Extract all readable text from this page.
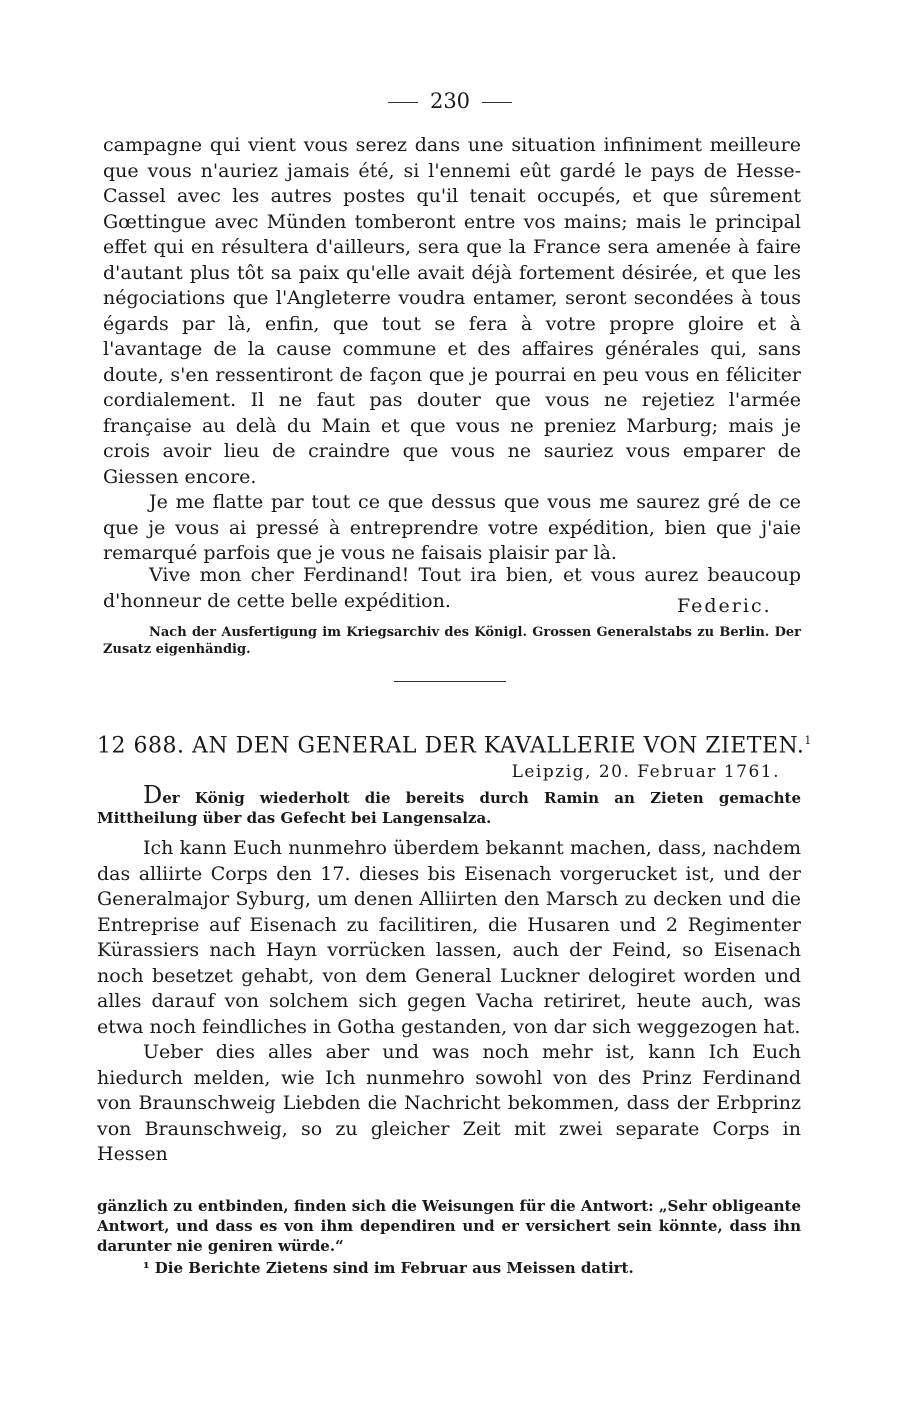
230

campagne qui vient vous serez dans une situation infiniment meilleure que vous n'auriez jamais été, si l'ennemi eût gardé le pays de Hesse-Cassel avec les autres postes qu'il tenait occupés, et que sûrement Gœttingue avec Münden tomberont entre vos mains; mais le principal effet qui en résultera d'ailleurs, sera que la France sera amenée à faire d'autant plus tôt sa paix qu'elle avait déjà fortement désirée, et que les négociations que l'Angleterre voudra entamer, seront secondées à tous égards par là, enfin, que tout se fera à votre propre gloire et à l'avantage de la cause commune et des affaires générales qui, sans doute, s'en ressentiront de façon que je pourrai en peu vous en féliciter cordialement. Il ne faut pas douter que vous ne rejetiez l'armée française au delà du Main et que vous ne preniez Marburg; mais je crois avoir lieu de craindre que vous ne sauriez vous emparer de Giessen encore.

Je me flatte par tout ce que dessus que vous me saurez gré de ce que je vous ai pressé à entreprendre votre expédition, bien que j'aie remarqué parfois que je vous ne faisais plaisir par là.

Vive mon cher Ferdinand! Tout ira bien, et vous aurez beaucoup d'honneur de cette belle expédition.	Federic.
Nach der Ausfertigung im Kriegsarchiv des Königl. Grossen Generalstabs zu Berlin. Der Zusatz eigenhändig.
12 688. AN DEN GENERAL DER KAVALLERIE VON ZIETEN.$^1$
Leipzig, 20. Februar 1761.
Der König wiederholt die bereits durch Ramin an Zieten gemachte Mittheilung über das Gefecht bei Langensalza.

Ich kann Euch nunmehro überdem bekannt machen, dass, nachdem das alliirte Corps den 17. dieses bis Eisenach vorgerucket ist, und der Generalmajor Syburg, um denen Alliirten den Marsch zu decken und die Entreprise auf Eisenach zu facilitiren, die Husaren und 2 Regimenter Kürassiers nach Hayn vorrücken lassen, auch der Feind, so Eisenach noch besetzet gehabt, von dem General Luckner delogiret worden und alles darauf von solchem sich gegen Vacha retiriret, heute auch, was etwa noch feindliches in Gotha gestanden, von dar sich weggezogen hat.

Ueber dies alles aber und was noch mehr ist, kann Ich Euch hiedurch melden, wie Ich nunmehro sowohl von des Prinz Ferdinand von Braunschweig Liebden die Nachricht bekommen, dass der Erbprinz von Braunschweig, so zu gleicher Zeit mit zwei separate Corps in Hessen

gänzlich zu entbinden, finden sich die Weisungen für die Antwort: „Sehr obligeante Antwort, und dass es von ihm dependiren und er versichert sein könnte, dass ihn darunter nie geniren würde.“
¹ Die Berichte Zietens sind im Februar aus Meissen datirt.
